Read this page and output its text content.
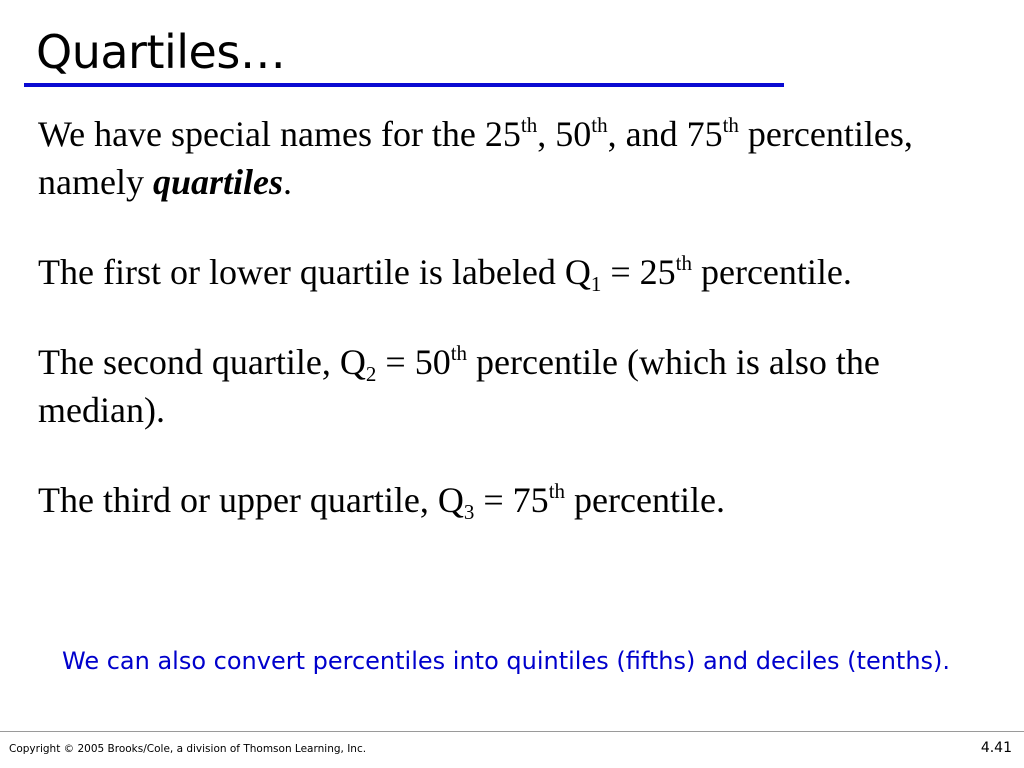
Quartiles…
We have special names for the 25th, 50th, and 75th percentiles,
namely quartiles.
The first or lower quartile is labeled $Q_1 = 25th$ percentile.
The second quartile, $Q_2 = 50th$ percentile (which is also the
median).
The third or upper quartile, $Q_3 = 75th$ percentile.
We can also convert percentiles into quintiles (fifths) and deciles (tenths).
Copyright © 2005 Brooks/Cole, a division of Thomson Learning, Inc.	4.41
